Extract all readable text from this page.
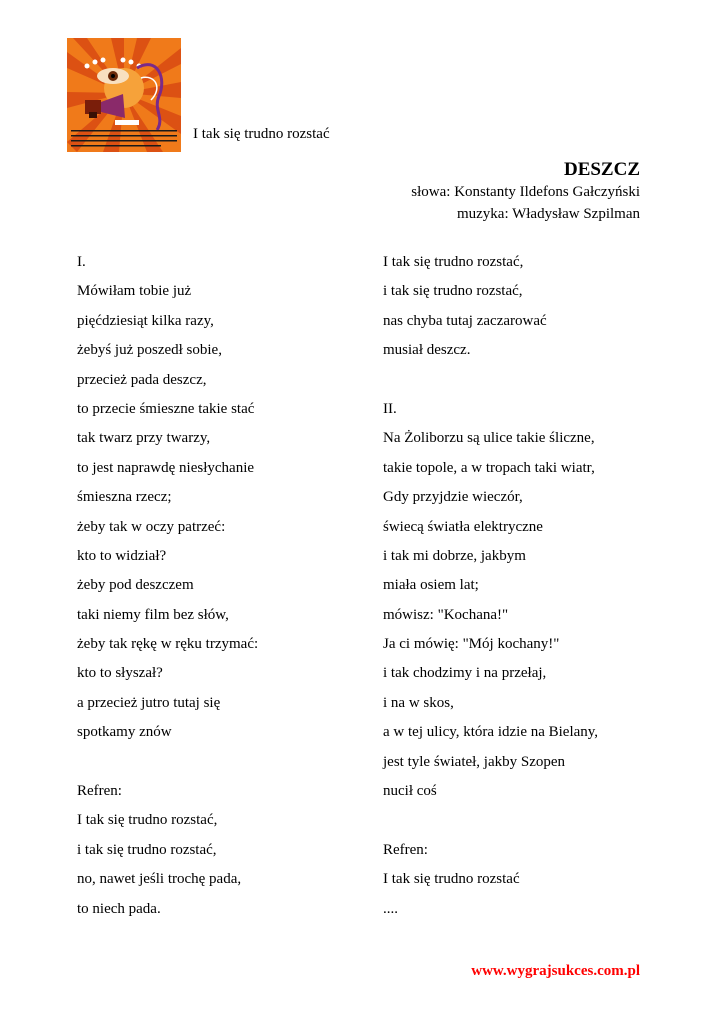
I tak się trudno rozstać
DESZCZ
słowa: Konstanty Ildefons Gałczyński
muzyka: Władysław Szpilman
I.
Mówiłam tobie już
pięćdziesiąt kilka razy,
żebyś już poszedł sobie,
przecież pada deszcz,
to przecie śmieszne takie stać
tak twarz przy twarzy,
to jest naprawdę niesłychanie
śmieszna rzecz;
żeby tak w oczy patrzeć:
kto to widział?
żeby pod deszczem
taki niemy film bez słów,
żeby tak rękę w ręku trzymać:
kto to słyszał?
a przecież jutro tutaj się
spotkamy znów
Refren:
I tak się trudno rozstać,
i tak się trudno rozstać,
no, nawet jeśli trochę pada,
to niech pada.
I tak się trudno rozstać,
i tak się trudno rozstać,
nas chyba tutaj zaczarować
musiał deszcz.
II.
Na Żoliborzu są ulice takie śliczne,
takie topole, a w tropach taki wiatr,
Gdy przyjdzie wieczór,
świecą światła elektryczne
i tak mi dobrze, jakbym
miała osiem lat;
mówisz: "Kochana!"
Ja ci mówię: "Mój kochany!"
i tak chodzimy i na przełaj,
i na w skos,
a w tej ulicy, która idzie na Bielany,
jest tyle świateł, jakby Szopen
nucił coś
Refren:
I tak się trudno rozstać
....
www.wygrajsukces.com.pl
